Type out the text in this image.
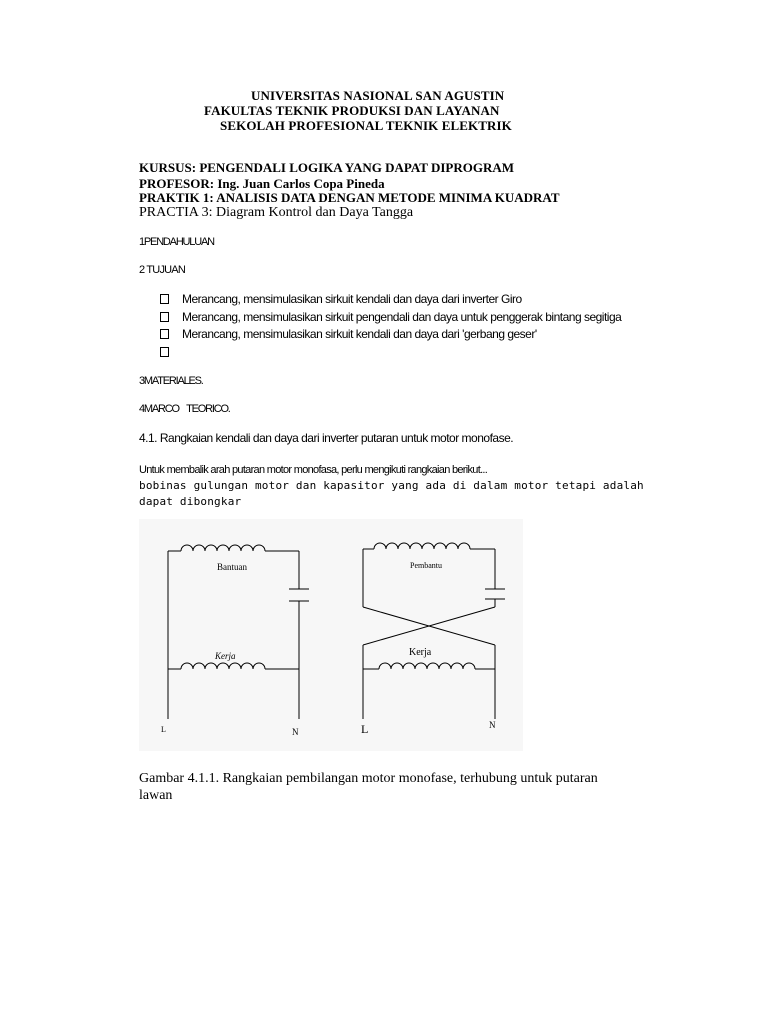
UNIVERSITAS NASIONAL SAN AGUSTIN
FAKULTAS TEKNIK PRODUKSI DAN LAYANAN
SEKOLAH PROFESIONAL TEKNIK ELEKTRIK
KURSUS: PENGENDALI LOGIKA YANG DAPAT DIPROGRAM
PROFESOR: Ing. Juan Carlos Copa Pineda
PRAKTIK 1: ANALISIS DATA DENGAN METODE MINIMA KUADRAT
PRACTIA 3: Diagram Kontrol dan Daya Tangga
1PENDAHULUAN
2 TUJUAN
Merancang, mensimulasikan sirkuit kendali dan daya dari inverter Giro
Merancang, mensimulasikan sirkuit pengendali dan daya untuk penggerak bintang segitiga
Merancang, mensimulasikan sirkuit kendali dan daya dari 'gerbang geser'
3MATERIALES.
4MARCO    TEORICO.
4.1. Rangkaian kendali dan daya dari inverter putaran untuk motor monofase.
Untuk membalik arah putaran motor monofasa, perlu mengikuti rangkaian berikut...
bobinas gulungan motor dan kapasitor yang ada di dalam motor tetapi adalah
dapat dibongkar
Bantuan
Kerja
L	N
Pembantu
Kerja
L	N
Gambar 4.1.1. Rangkaian pembilangan motor monofase, terhubung untuk putaran
lawan
